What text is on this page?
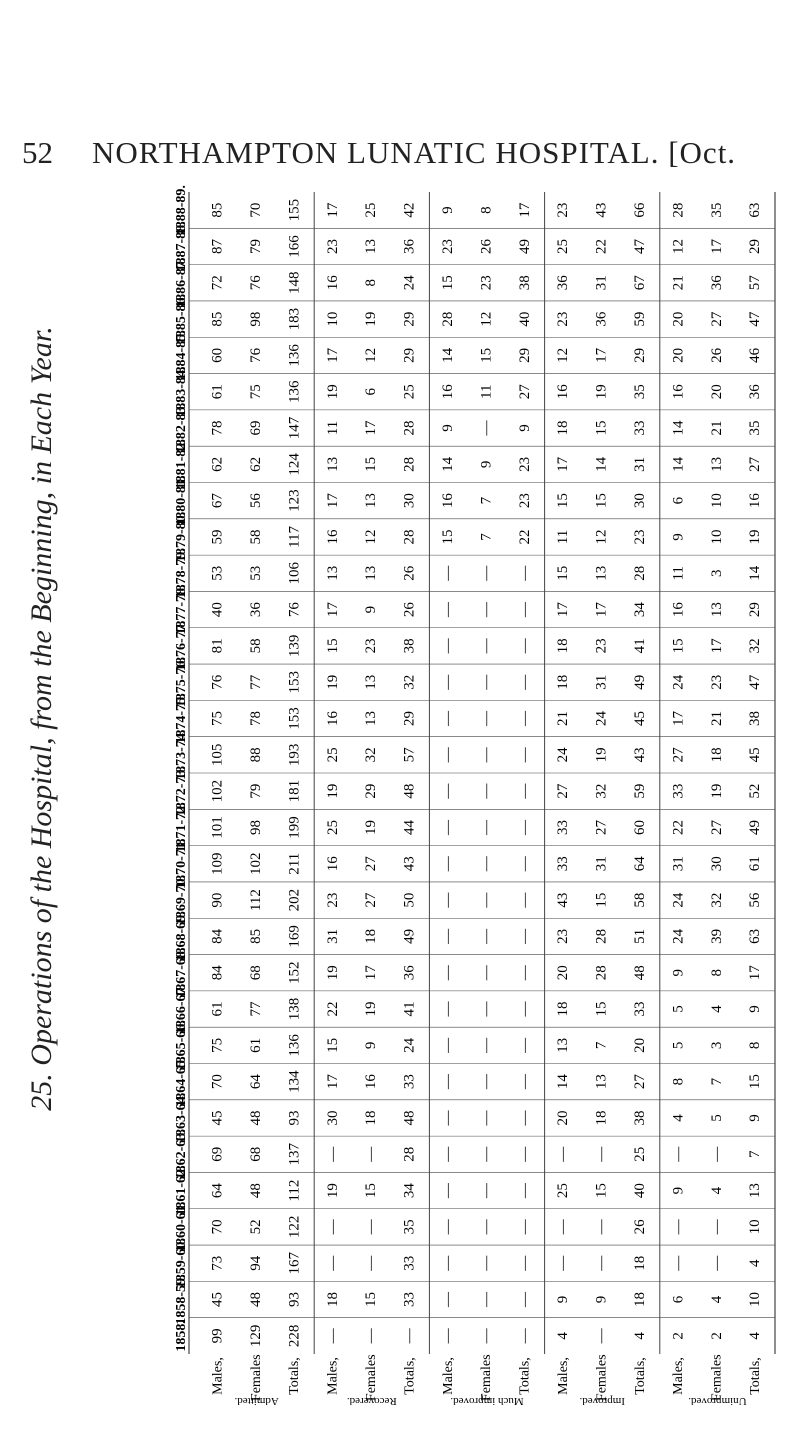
52 NORTHAMPTON LUNATIC HOSPITAL. [Oct.
25. Operations of the Hospital, from the Beginning, in Each Year.
1858. 99 129 228 — — — — — — 4 — 4 2 2 4
1858-59. 45 48 93 18 15 33 — — — 9 9 18 6 4 10
1859-60. 73 94 167 — — 33 — — — — — 18 — — 4
1860-61. 70 52 122 — — 35 — — — — — 26 — — 10
1861-62. 64 48 112 19 15 34 — — — 25 15 40 9 4 13
1862-63. 69 68 137 — — 28 — — — — — 25 — — 7
1863-64. 45 48 93 30 18 48 — — — 20 18 38 4 5 9
1864-65. 70 64 134 17 16 33 — — — 14 13 27 8 7 15
1865-66. 75 61 136 15 9 24 — — — 13 7 20 5 3 8
1866-67. 61 77 138 22 19 41 — — — 18 15 33 5 4 9
1867-68. 84 68 152 19 17 36 — — — 20 28 48 9 8 17
1868-69. 84 85 169 31 18 49 — — — 23 28 51 24 39 63
1869-70. 90 112 202 23 27 50 — — — 43 15 58 24 32 56
1870-71. 109 102 211 16 27 43 — — — 33 31 64 31 30 61
1871-72. 101 98 199 25 19 44 — — — 33 27 60 22 27 49
1872-73. 102 79 181 19 29 48 — — — 27 32 59 33 19 52
1873-74. 105 88 193 25 32 57 — — — 24 19 43 27 18 45
1874-75. 75 78 153 16 13 29 — — — 21 24 45 17 21 38
1875-76. 76 77 153 19 13 32 — — — 18 31 49 24 23 47
1876-77. 81 58 139 15 23 38 — — — 18 23 41 15 17 32
1877-78. 40 36 76 17 9 26 — — — 17 17 34 16 13 29
1878-79. 53 53 106 13 13 26 — — — 15 13 28 11 3 14
1879-80. 59 58 117 16 12 28 15 7 22 11 12 23 9 10 19
1880-81. 67 56 123 17 13 30 16 7 23 15 15 30 6 10 16
1881-82. 62 62 124 13 15 28 14 9 23 17 14 31 14 13 27
1882-83. 78 69 147 11 17 28 9 — 9 18 15 33 14 21 35
1883-84. 61 75 136 19 6 25 16 11 27 16 19 35 16 20 36
1884-85. 60 76 136 17 12 29 14 15 29 12 17 29 20 26 46
1885-86. 85 98 183 10 19 29 28 12 40 23 36 59 20 27 47
1886-87. 72 76 148 16 8 24 15 23 38 36 31 67 21 36 57
1887-88. 87 79 166 23 13 36 23 26 49 25 22 47 12 17 29
1888-89. 85 70 155 17 25 42 9 8 17 23 43 66 28 35 63
Males, Females, Totals,
Admitted.
Males, Females, Totals,
Recovered.
Males, Females, Totals,
Much improved.
Males, Females, Totals,
Improved.
Males, Females, Totals,
Unimproved.
